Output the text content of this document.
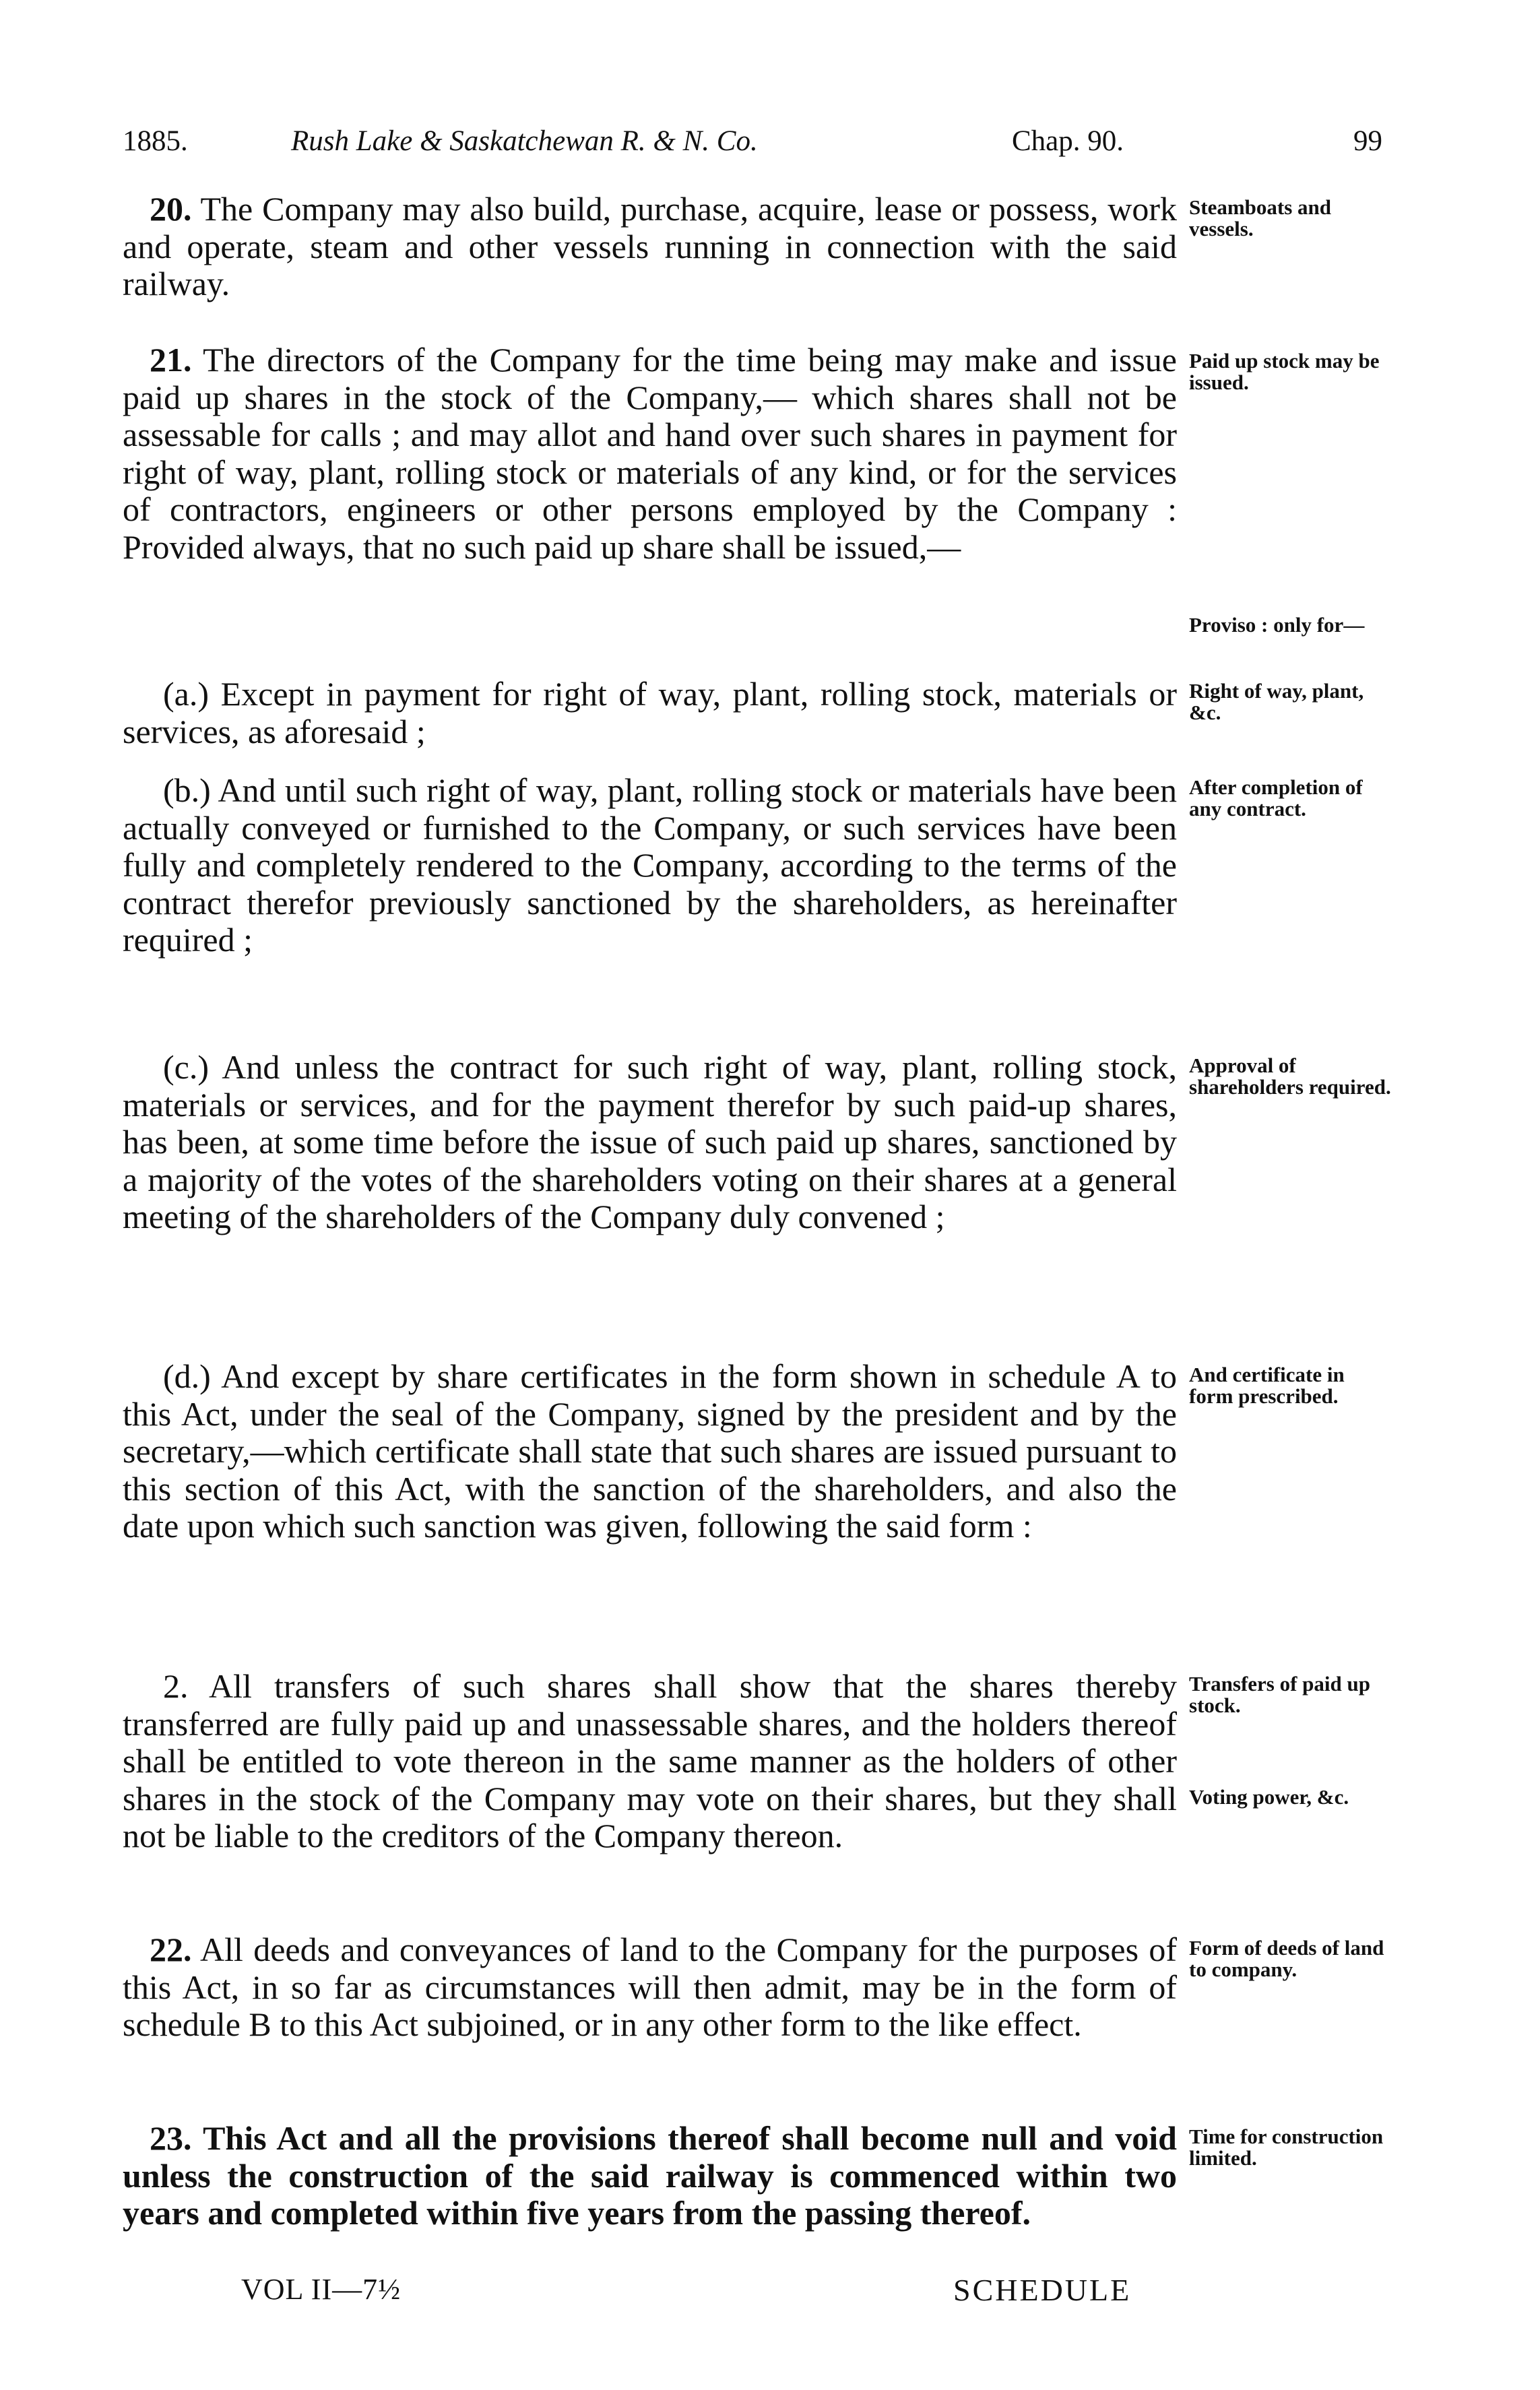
1885.	Rush Lake & Saskatchewan R. & N. Co.	Chap. 90.	99

20. The Company may also build, purchase, acquire, lease or possess, work and operate, steam and other vessels running in connection with the said railway.

Steamboats and vessels.

21. The directors of the Company for the time being may make and issue paid up shares in the stock of the Company,— which shares shall not be assessable for calls ; and may allot and hand over such shares in payment for right of way, plant, rolling stock or materials of any kind, or for the services of contractors, engineers or other persons employed by the Company : Provided always, that no such paid up share shall be issued,—

Paid up stock may be issued.

Proviso : only for—

(a.) Except in payment for right of way, plant, rolling stock, materials or services, as aforesaid ;

Right of way, plant, &c.

(b.) And until such right of way, plant, rolling stock or materials have been actually conveyed or furnished to the Company, or such services have been fully and completely rendered to the Company, according to the terms of the contract therefor previously sanctioned by the shareholders, as hereinafter required ;

After completion of any contract.

(c.) And unless the contract for such right of way, plant, rolling stock, materials or services, and for the payment therefor by such paid-up shares, has been, at some time before the issue of such paid up shares, sanctioned by a majority of the votes of the shareholders voting on their shares at a general meeting of the shareholders of the Company duly convened ;

Approval of shareholders required.

(d.) And except by share certificates in the form shown in schedule A to this Act, under the seal of the Company, signed by the president and by the secretary,—which certificate shall state that such shares are issued pursuant to this section of this Act, with the sanction of the shareholders, and also the date upon which such sanction was given, following the said form :

And certificate in form prescribed.

2. All transfers of such shares shall show that the shares thereby transferred are fully paid up and unassessable shares, and the holders thereof shall be entitled to vote thereon in the same manner as the holders of other shares in the stock of the Company may vote on their shares, but they shall not be liable to the creditors of the Company thereon.

Transfers of paid up stock.

Voting power, &c.

22. All deeds and conveyances of land to the Company for the purposes of this Act, in so far as circumstances will then admit, may be in the form of schedule B to this Act subjoined, or in any other form to the like effect.

Form of deeds of land to company.

23. This Act and all the provisions thereof shall become null and void unless the construction of the said railway is commenced within two years and completed within five years from the passing thereof.

Time for construction limited.

VOL II—7½	SCHEDULE
